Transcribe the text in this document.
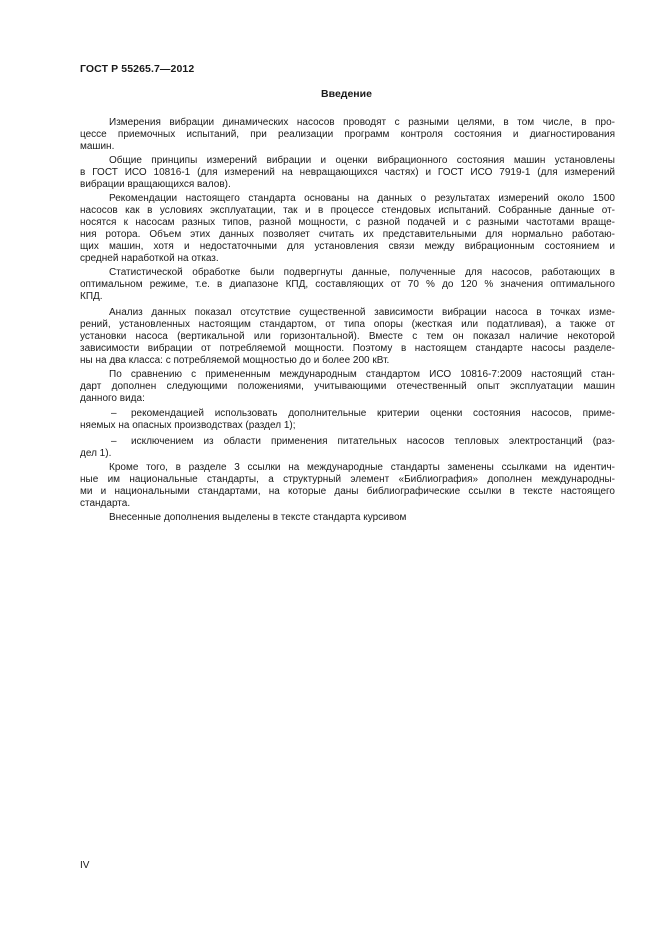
ГОСТ Р 55265.7—2012
Введение
Измерения вибрации динамических насосов проводят с разными целями, в том числе, в про-
цессе приемочных испытаний, при реализации программ контроля состояния и диагностирования
машин.
Общие принципы измерений вибрации и оценки вибрационного состояния машин установлены
в ГОСТ ИСО 10816-1 (для измерений на невращающихся частях) и ГОСТ ИСО 7919-1 (для измерений
вибрации вращающихся валов).
Рекомендации настоящего стандарта основаны на данных о результатах измерений около 1500
насосов как в условиях эксплуатации, так и в процессе стендовых испытаний. Собранные данные от-
носятся к насосам разных типов, разной мощности, с разной подачей и с разными частотами враще-
ния ротора. Объем этих данных позволяет считать их представительными для нормально работаю-
щих машин, хотя и недостаточными для установления связи между вибрационным состоянием и
средней наработкой на отказ.
Статистической обработке были подвергнуты данные, полученные для насосов, работающих в
оптимальном режиме, т.е. в диапазоне КПД, составляющих от 70 % до 120 % значения оптимального
КПД.
Анализ данных показал отсутствие существенной зависимости вибрации насоса в точках изме-
рений, установленных настоящим стандартом, от типа опоры (жесткая или податливая), а также от
установки насоса (вертикальной или горизонтальной). Вместе с тем он показал наличие некоторой
зависимости вибрации от потребляемой мощности. Поэтому в настоящем стандарте насосы разделе-
ны на два класса: с потребляемой мощностью до и более 200 кВт.
По сравнению с примененным международным стандартом ИСО 10816-7:2009 настоящий стан-
дарт дополнен следующими положениями, учитывающими отечественный опыт эксплуатации машин
данного вида:
– рекомендацией использовать дополнительные критерии оценки состояния насосов, приме-
няемых на опасных производствах (раздел 1);
– исключением из области применения питательных насосов тепловых электростанций (раз-
дел 1).
Кроме того, в разделе 3 ссылки на международные стандарты заменены ссылками на идентич-
ные им национальные стандарты, а структурный элемент «Библиография» дополнен международны-
ми и национальными стандартами, на которые даны библиографические ссылки в тексте настоящего
стандарта.
Внесенные дополнения выделены в тексте стандарта курсивом
IV
